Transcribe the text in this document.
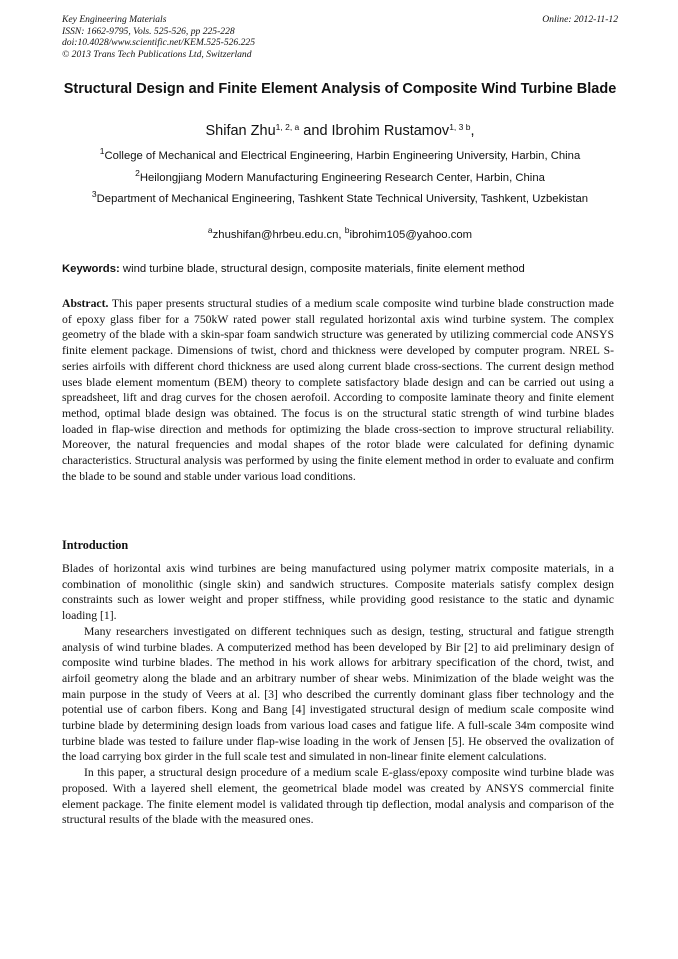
Key Engineering Materials
ISSN: 1662-9795, Vols. 525-526, pp 225-228
doi:10.4028/www.scientific.net/KEM.525-526.225
© 2013 Trans Tech Publications Ltd, Switzerland
Online: 2012-11-12
Structural Design and Finite Element Analysis of Composite Wind Turbine Blade
Shifan Zhu$^{1, 2, a}$ and Ibrohim Rustamov$^{1, 3 b}$,
$^1$College of Mechanical and Electrical Engineering, Harbin Engineering University, Harbin, China
$^2$Heilongjiang Modern Manufacturing Engineering Research Center, Harbin, China
$^3$Department of Mechanical Engineering, Tashkent State Technical University, Tashkent, Uzbekistan
$^a$zhushifan@hrbeu.edu.cn, $^b$ibrohim105@yahoo.com
Keywords: wind turbine blade, structural design, composite materials, finite element method

Abstract. This paper presents structural studies of a medium scale composite wind turbine blade construction made of epoxy glass fiber for a 750kW rated power stall regulated horizontal axis wind turbine system. The complex geometry of the blade with a skin-spar foam sandwich structure was generated by utilizing commercial code ANSYS finite element package. Dimensions of twist, chord and thickness were developed by computer program. NREL S-series airfoils with different chord thickness are used along current blade cross-sections. The current design method uses blade element momentum (BEM) theory to complete satisfactory blade design and can be carried out using a spreadsheet, lift and drag curves for the chosen aerofoil. According to composite laminate theory and finite element method, optimal blade design was obtained. The focus is on the structural static strength of wind turbine blades loaded in flap-wise direction and methods for optimizing the blade cross-section to improve structural reliability. Moreover, the natural frequencies and modal shapes of the rotor blade were calculated for defining dynamic characteristics. Structural analysis was performed by using the finite element method in order to evaluate and confirm the blade to be sound and stable under various load conditions.

Introduction

Blades of horizontal axis wind turbines are being manufactured using polymer matrix composite materials, in a combination of monolithic (single skin) and sandwich structures. Composite materials satisfy complex design constraints such as lower weight and proper stiffness, while providing good resistance to the static and dynamic loading [1].

Many researchers investigated on different techniques such as design, testing, structural and fatigue strength analysis of wind turbine blades. A computerized method has been developed by Bir [2] to aid preliminary design of composite wind turbine blades. The method in his work allows for arbitrary specification of the chord, twist, and airfoil geometry along the blade and an arbitrary number of shear webs. Minimization of the blade weight was the main purpose in the study of Veers at al. [3] who described the currently dominant glass fiber technology and the potential use of carbon fibers. Kong and Bang [4] investigated structural design of medium scale composite wind turbine blade by determining design loads from various load cases and fatigue life. A full-scale 34m composite wind turbine blade was tested to failure under flap-wise loading in the work of Jensen [5]. He observed the ovalization of the load carrying box girder in the full scale test and simulated in non-linear finite element calculations.

In this paper, a structural design procedure of a medium scale E-glass/epoxy composite wind turbine blade was proposed. With a layered shell element, the geometrical blade model was created by ANSYS commercial finite element package. The finite element model is validated through tip deflection, modal analysis and comparison of the structural results of the blade with the measured ones.
